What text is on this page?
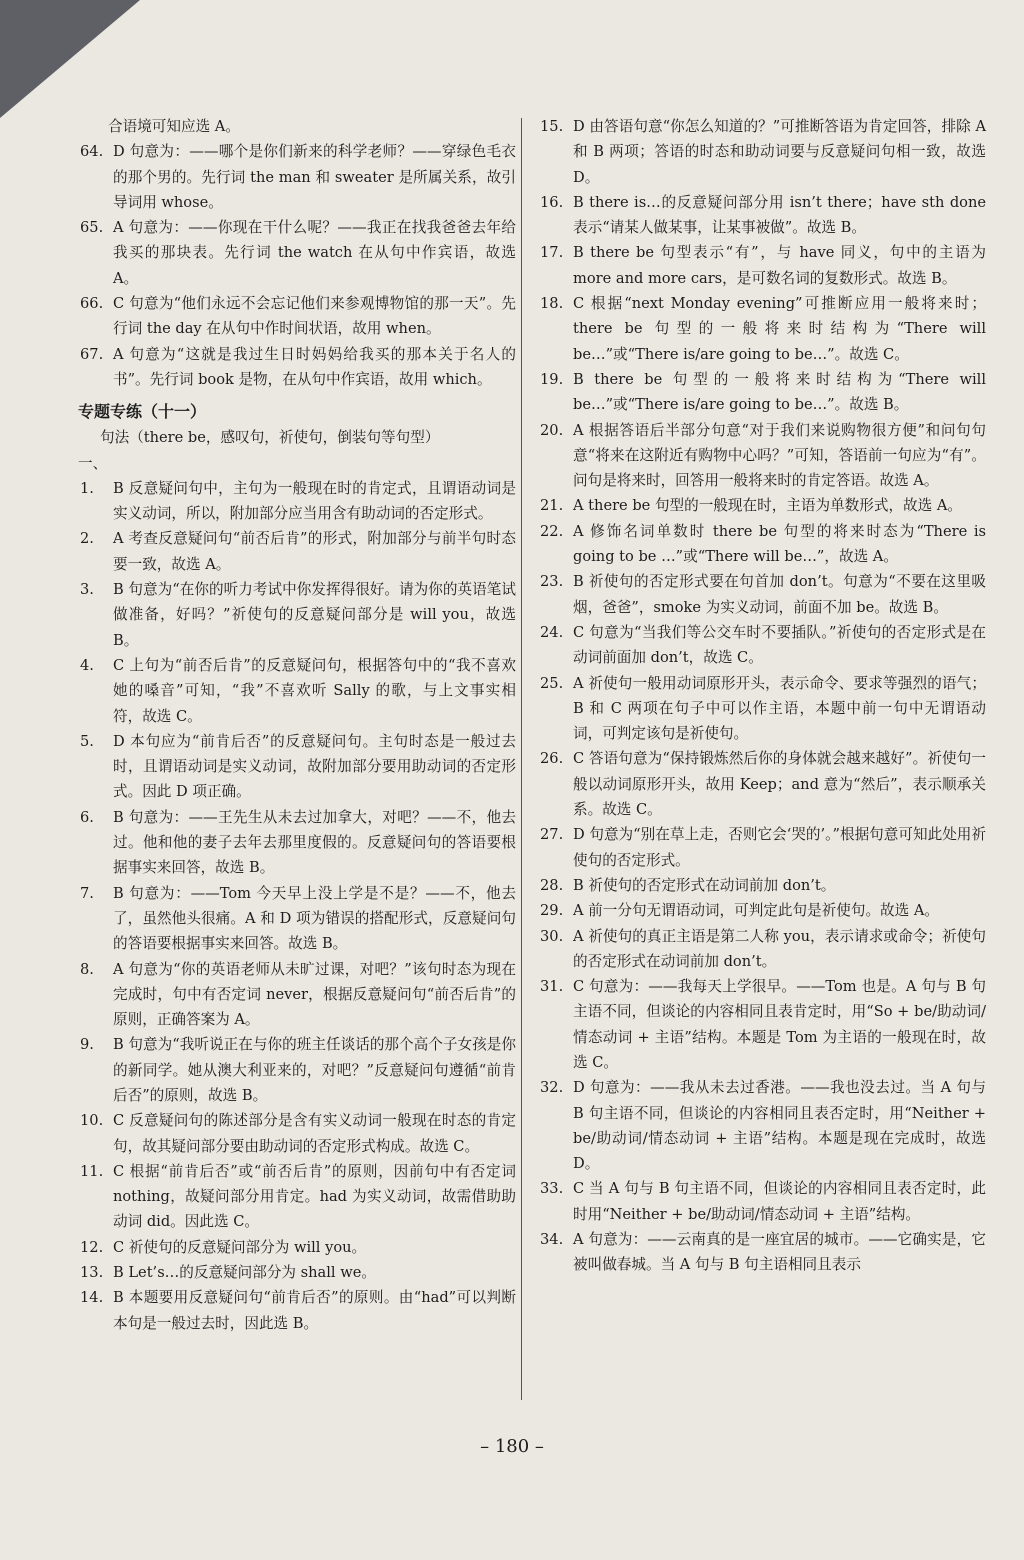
合语境可知应选 A。
64. D 句意为：——哪个是你们新来的科学老师？——穿绿色毛衣的那个男的。先行词 the man 和 sweater 是所属关系，故引导词用 whose。
65. A 句意为：——你现在干什么呢？——我正在找我爸爸去年给我买的那块表。先行词 the watch 在从句中作宾语，故选 A。
66. C 句意为“他们永远不会忘记他们来参观博物馆的那一天”。先行词 the day 在从句中作时间状语，故用 when。
67. A 句意为“这就是我过生日时妈妈给我买的那本关于名人的书”。先行词 book 是物，在从句中作宾语，故用 which。
专题专练（十一）
句法（there be，感叹句，祈使句，倒装句等句型）
一、
1. B 反意疑问句中，主句为一般现在时的肯定式，且谓语动词是实义动词，所以，附加部分应当用含有助动词的否定形式。
2. A 考查反意疑问句“前否后肯”的形式，附加部分与前半句时态要一致，故选 A。
3. B 句意为“在你的听力考试中你发挥得很好。请为你的英语笔试做准备，好吗？”祈使句的反意疑问部分是 will you，故选 B。
4. C 上句为“前否后肯”的反意疑问句，根据答句中的“我不喜欢她的嗓音”可知，“我”不喜欢听 Sally 的歌，与上文事实相符，故选 C。
5. D 本句应为“前肯后否”的反意疑问句。主句时态是一般过去时，且谓语动词是实义动词，故附加部分要用助动词的否定形式。因此 D 项正确。
6. B 句意为：——王先生从未去过加拿大，对吧？——不，他去过。他和他的妻子去年去那里度假的。反意疑问句的答语要根据事实来回答，故选 B。
7. B 句意为：——Tom 今天早上没上学是不是？——不，他去了，虽然他头很痛。A 和 D 项为错误的搭配形式，反意疑问句的答语要根据事实来回答。故选 B。
8. A 句意为“你的英语老师从未旷过课，对吧？”该句时态为现在完成时，句中有否定词 never，根据反意疑问句“前否后肯”的原则，正确答案为 A。
9. B 句意为“我听说正在与你的班主任谈话的那个高个子女孩是你的新同学。她从澳大利亚来的，对吧？”反意疑问句遵循“前肯后否”的原则，故选 B。
10. C 反意疑问句的陈述部分是含有实义动词一般现在时态的肯定句，故其疑问部分要由助动词的否定形式构成。故选 C。
11. C 根据“前肯后否”或“前否后肯”的原则，因前句中有否定词 nothing，故疑问部分用肯定。had 为实义动词，故需借助助动词 did。因此选 C。
12. C 祈使句的反意疑问部分为 will you。
13. B Let’s…的反意疑问部分为 shall we。
14. B 本题要用反意疑问句“前肯后否”的原则。由“had”可以判断本句是一般过去时，因此选 B。
15. D 由答语句意“你怎么知道的？”可推断答语为肯定回答，排除 A 和 B 两项；答语的时态和助动词要与反意疑问句相一致，故选 D。
16. B there is…的反意疑问部分用 isn’t there；have sth done 表示“请某人做某事，让某事被做”。故选 B。
17. B there be 句型表示“有”，与 have 同义，句中的主语为 more and more cars，是可数名词的复数形式。故选 B。
18. C 根据“next Monday evening”可推断应用一般将来时；there be 句型的一般将来时结构为“There will be…”或“There is/are going to be…”。故选 C。
19. B there be 句型的一般将来时结构为“There will be…”或“There is/are going to be…”。故选 B。
20. A 根据答语后半部分句意“对于我们来说购物很方便”和问句句意“将来在这附近有购物中心吗？”可知，答语前一句应为“有”。问句是将来时，回答用一般将来时的肯定答语。故选 A。
21. A there be 句型的一般现在时，主语为单数形式，故选 A。
22. A 修饰名词单数时 there be 句型的将来时态为“There is going to be …”或“There will be…”，故选 A。
23. B 祈使句的否定形式要在句首加 don’t。句意为“不要在这里吸烟，爸爸”，smoke 为实义动词，前面不加 be。故选 B。
24. C 句意为“当我们等公交车时不要插队。”祈使句的否定形式是在动词前面加 don’t，故选 C。
25. A 祈使句一般用动词原形开头，表示命令、要求等强烈的语气；B 和 C 两项在句子中可以作主语，本题中前一句中无谓语动词，可判定该句是祈使句。
26. C 答语句意为“保持锻炼然后你的身体就会越来越好”。祈使句一般以动词原形开头，故用 Keep；and 意为“然后”，表示顺承关系。故选 C。
27. D 句意为“别在草上走，否则它会‘哭的’。”根据句意可知此处用祈使句的否定形式。
28. B 祈使句的否定形式在动词前加 don’t。
29. A 前一分句无谓语动词，可判定此句是祈使句。故选 A。
30. A 祈使句的真正主语是第二人称 you，表示请求或命令；祈使句的否定形式在动词前加 don’t。
31. C 句意为：——我每天上学很早。——Tom 也是。A 句与 B 句主语不同，但谈论的内容相同且表肯定时，用“So + be/助动词/情态动词 + 主语”结构。本题是 Tom 为主语的一般现在时，故选 C。
32. D 句意为：——我从未去过香港。——我也没去过。当 A 句与 B 句主语不同，但谈论的内容相同且表否定时，用“Neither + be/助动词/情态动词 + 主语”结构。本题是现在完成时，故选 D。
33. C 当 A 句与 B 句主语不同，但谈论的内容相同且表否定时，此时用“Neither + be/助动词/情态动词 + 主语”结构。
34. A 句意为：——云南真的是一座宜居的城市。——它确实是，它被叫做春城。当 A 句与 B 句主语相同且表示
– 180 –
